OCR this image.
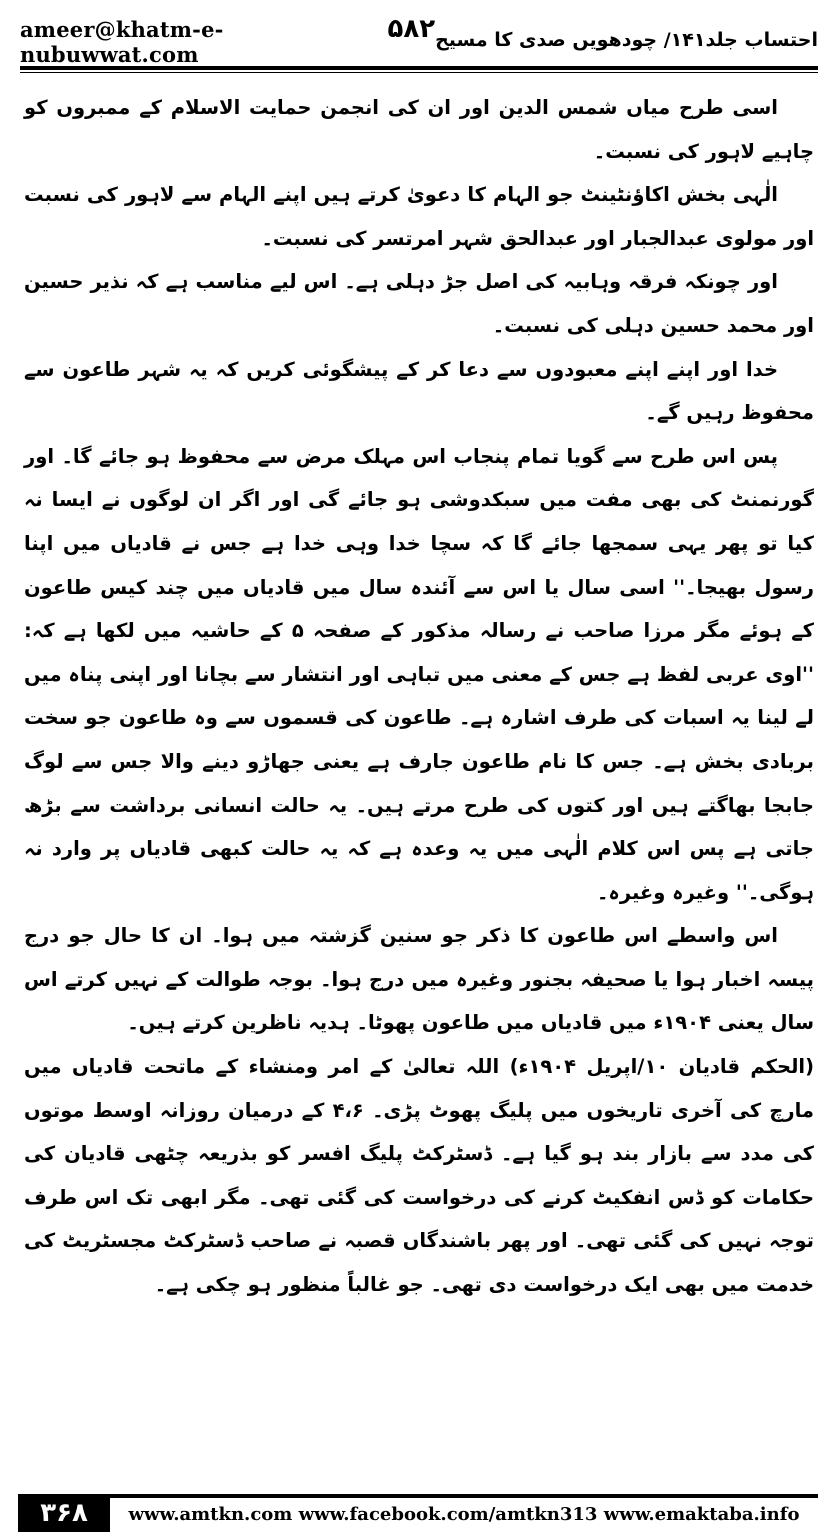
ameer@khatm-e-nubuwwat.com
۵۸۲ احتساب جلد۱۴۱/ چودھویں صدی کا مسیح

اسی طرح میاں شمس الدین اور ان کی انجمن حمایت الاسلام کے ممبروں کو چاہیے لاہور کی نسبت۔

الٰہی بخش اکاؤنٹینٹ جو الہام کا دعویٰ کرتے ہیں اپنے الہام سے لاہور کی نسبت اور مولوی عبدالجبار اور عبدالحق شہر امرتسر کی نسبت۔

اور چونکہ فرقہ وہابیہ کی اصل جڑ دہلی ہے۔ اس لیے مناسب ہے کہ نذیر حسین اور محمد حسین دہلی کی نسبت۔

خدا اور اپنے اپنے معبودوں سے دعا کر کے پیشگوئی کریں کہ یہ شہر طاعون سے محفوظ رہیں گے۔

پس اس طرح سے گویا تمام پنجاب اس مہلک مرض سے محفوظ ہو جائے گا۔ اور گورنمنٹ کی بھی مفت میں سبکدوشی ہو جائے گی اور اگر ان لوگوں نے ایسا نہ کیا تو پھر یہی سمجھا جائے گا کہ سچا خدا وہی خدا ہے جس نے قادیاں میں اپنا رسول بھیجا۔'' اسی سال یا اس سے آئندہ سال میں قادیاں میں چند کیس طاعون کے ہوئے مگر مرزا صاحب نے رسالہ مذکور کے صفحہ ۵ کے حاشیہ میں لکھا ہے کہ: ''اوی عربی لفظ ہے جس کے معنی میں تباہی اور انتشار سے بچانا اور اپنی پناہ میں لے لینا یہ اسبات کی طرف اشارہ ہے۔ طاعون کی قسموں سے وہ طاعون جو سخت بربادی بخش ہے۔ جس کا نام طاعون جارف ہے یعنی جھاڑو دینے والا جس سے لوگ جابجا بھاگتے ہیں اور کتوں کی طرح مرتے ہیں۔ یہ حالت انسانی برداشت سے بڑھ جاتی ہے پس اس کلام الٰہی میں یہ وعدہ ہے کہ یہ حالت کبھی قادیاں پر وارد نہ ہوگی۔'' وغیرہ وغیرہ۔

اس واسطے اس طاعون کا ذکر جو سنین گزشتہ میں ہوا۔ ان کا حال جو درج پیسہ اخبار ہوا یا صحیفہ بجنور وغیرہ میں درج ہوا۔ بوجہ طوالت کے نہیں کرتے اس سال یعنی ۱۹۰۴ء میں قادیاں میں طاعون پھوٹا۔ ہدیہ ناظرین کرتے ہیں۔

(الحکم قادیان ۱۰/اپریل ۱۹۰۴ء) اللہ تعالیٰ کے امر ومنشاء کے ماتحت قادیاں میں مارچ کی آخری تاریخوں میں پلیگ پھوٹ پڑی۔ ۴،۶ کے درمیان روزانہ اوسط موتوں کی مدد سے بازار بند ہو گیا ہے۔ ڈسٹرکٹ پلیگ افسر کو بذریعہ چٹھی قادیان کی حکامات کو ڈس انفکیٹ کرنے کی درخواست کی گئی تھی۔ مگر ابھی تک اس طرف توجہ نہیں کی گئی تھی۔ اور پھر باشندگاں قصبہ نے صاحب ڈسٹرکٹ مجسٹریٹ کی خدمت میں بھی ایک درخواست دی تھی۔ جو غالباً منظور ہو چکی ہے۔

۳۶۸	www.amtkn.com www.facebook.com/amtkn313 www.emaktaba.info
